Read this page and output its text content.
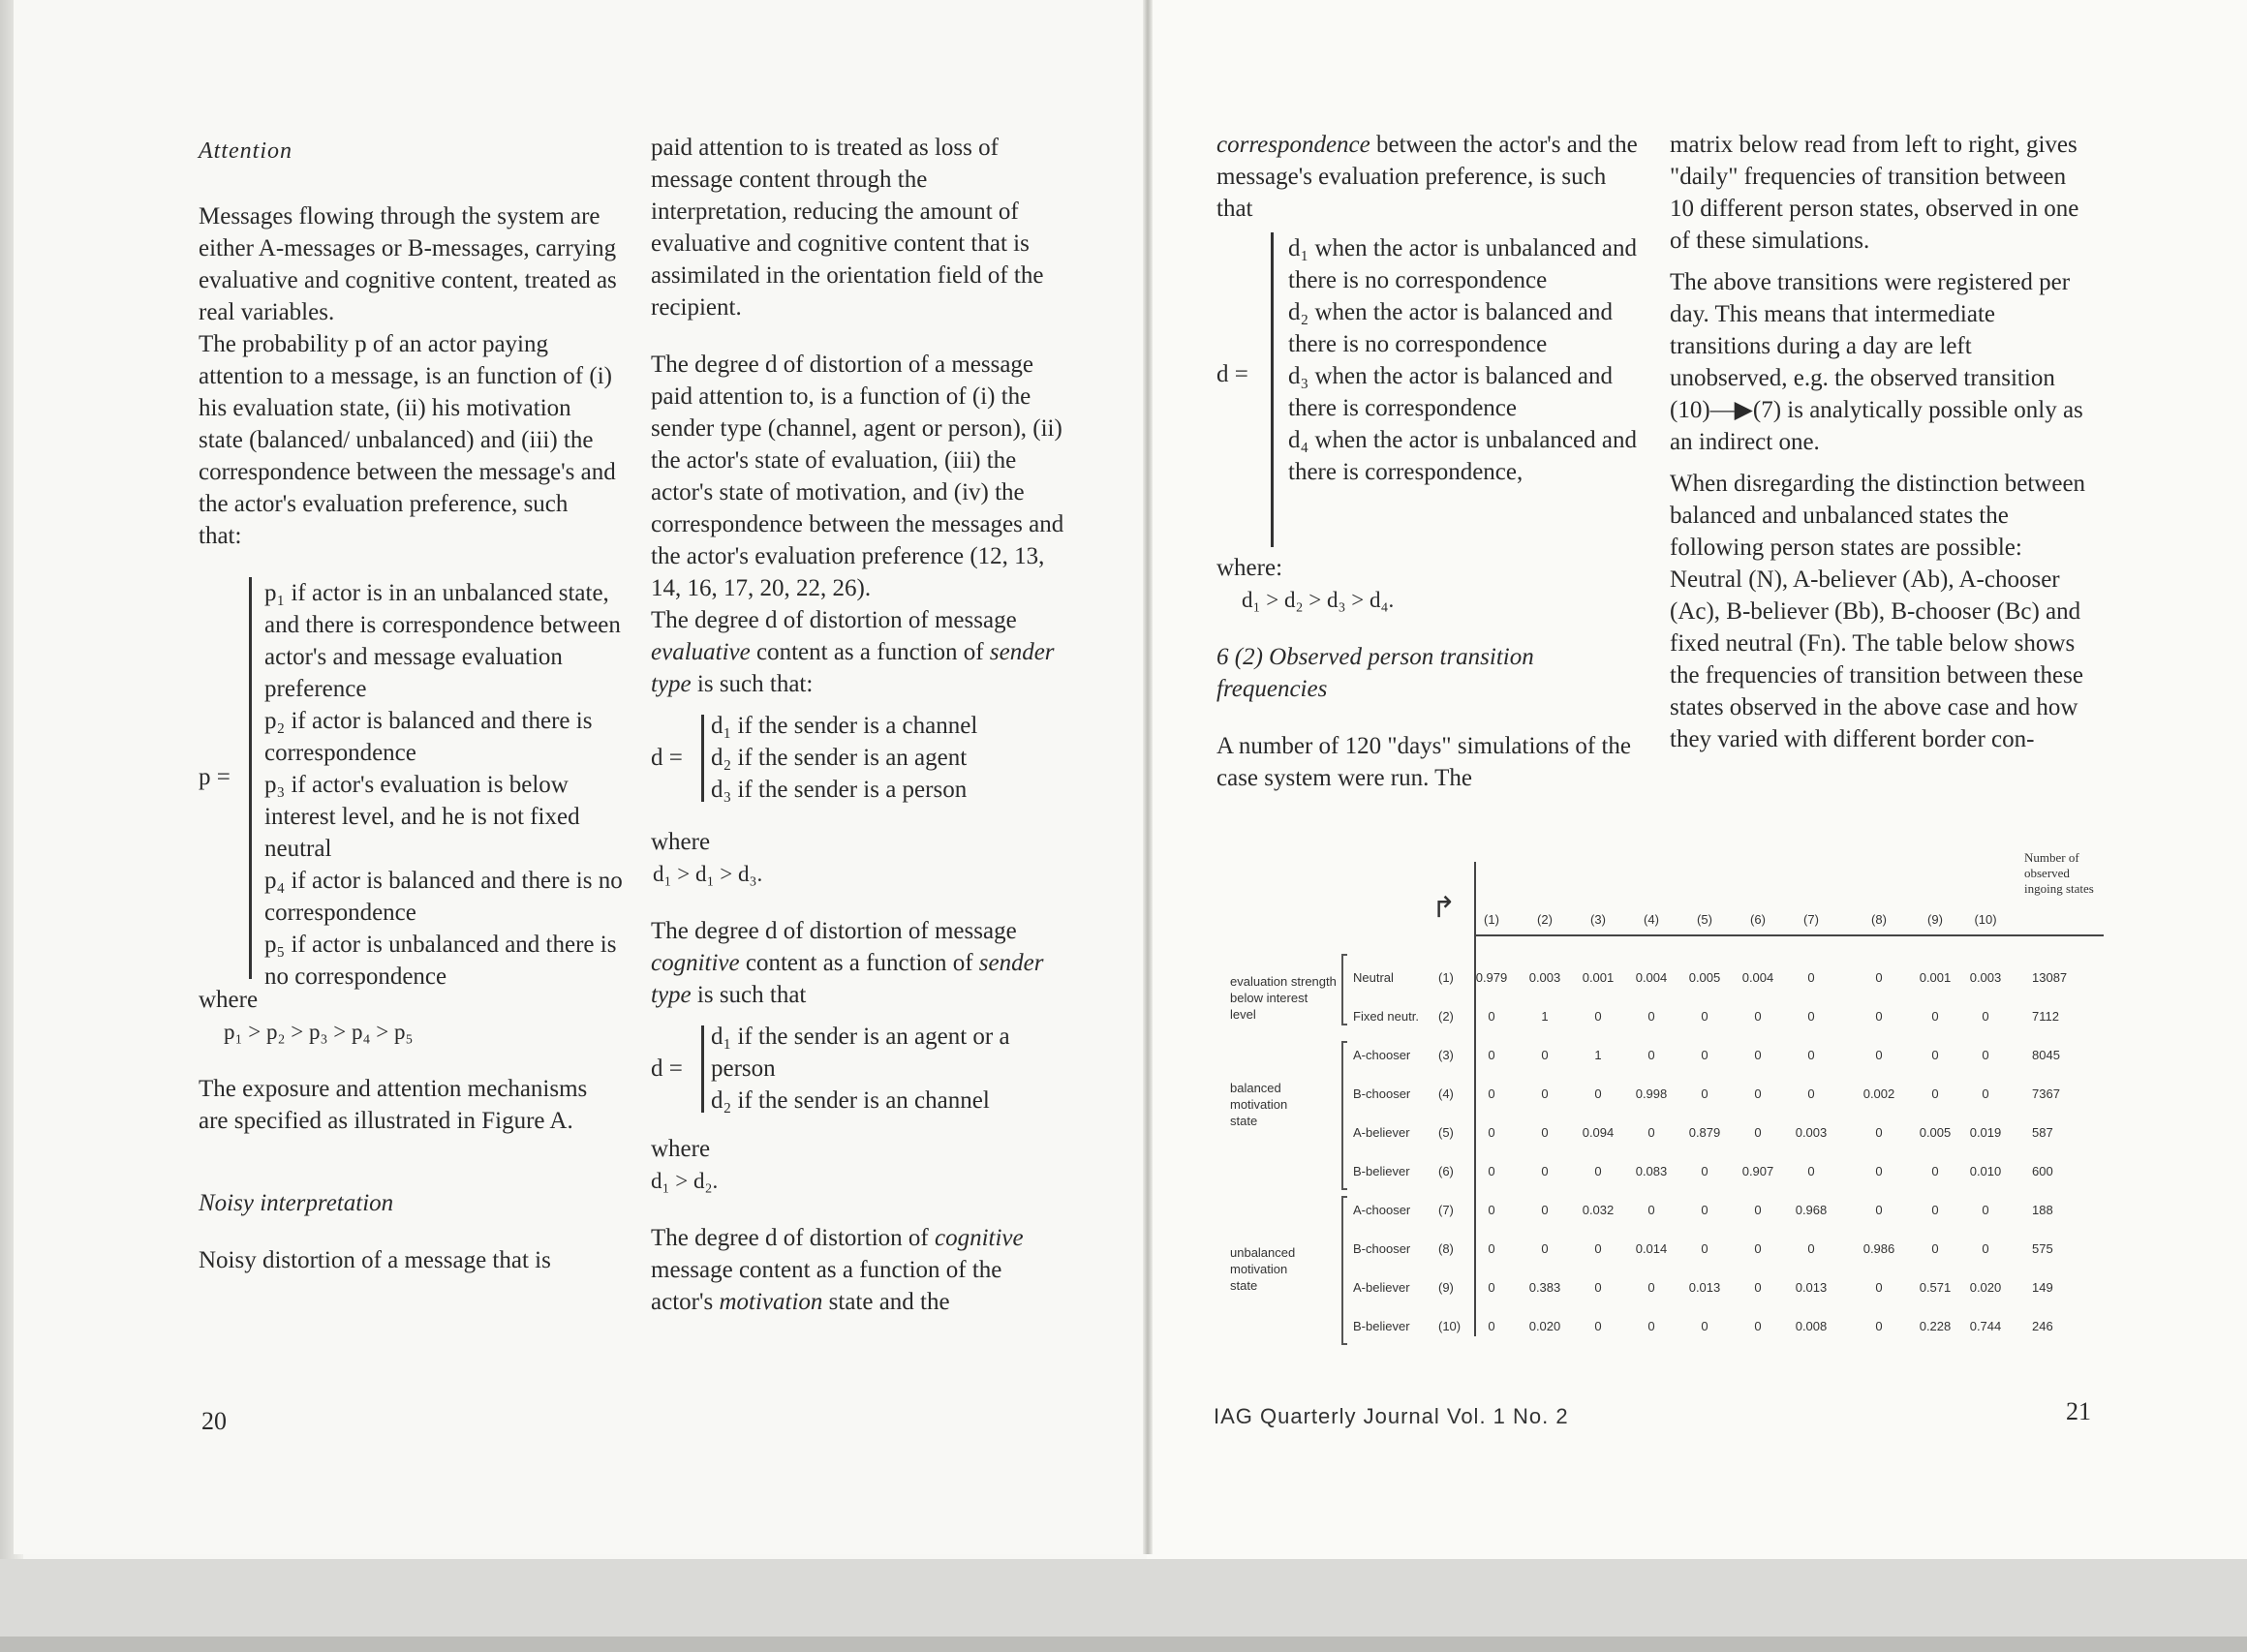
Attention

Messages flowing through the system are either A-messages or B-messages, carrying evaluative and cognitive content, treated as real variables.

The probability p of an actor paying attention to a message, is an function of (i) his evaluation state, (ii) his motivation state (balanced/ unbalanced) and (iii) the correspondence between the message's and the actor's evaluation preference, such that:

p =

p₁ if actor is in an unbalanced state, and there is correspondence between actor's and message evaluation preference

p₂ if actor is balanced and there is correspondence

p₃ if actor's evaluation is below interest level, and he is not fixed neutral

p₄ if actor is balanced and there is no correspondence

p₅ if actor is unbalanced and there is no correspondence

where

p₁ > p₂ > p₃ > p₄ > p₅

The exposure and attention mechanisms are specified as illustrated in Figure A.

Noisy interpretation

Noisy distortion of a message that is

paid attention to is treated as loss of message content through the interpretation, reducing the amount of evaluative and cognitive content that is assimilated in the orientation field of the recipient.

The degree d of distortion of a message paid attention to, is a function of (i) the sender type (channel, agent or person), (ii) the actor's state of evaluation, (iii) the actor's state of motivation, and (iv) the correspondence between the messages and the actor's evaluation preference (12, 13, 14, 16, 17, 20, 22, 26).

The degree d of distortion of message evaluative content as a function of sender type is such that:

d =

d₁ if the sender is a channel

d₂ if the sender is an agent

d₃ if the sender is a person

where

d₁ > d₁ > d₃.

The degree d of distortion of message cognitive content as a function of sender type is such that

d =

d₁ if the sender is an agent or a person

d₂ if the sender is an channel

where

d₁ > d₂.

The degree d of distortion of cognitive message content as a function of the actor's motivation state and the

20

correspondence between the actor's and the message's evaluation preference, is such that

d =

d₁ when the actor is unbalanced and there is no correspondence

d₂ when the actor is balanced and there is no correspondence

d₃ when the actor is balanced and there is correspondence

d₄ when the actor is unbalanced and there is correspondence,

where:

d₁ > d₂ > d₃ > d₄.

6 (2) Observed person transition frequencies

A number of 120 "days" simulations of the case system were run. The

matrix below read from left to right, gives "daily" frequencies of transition between 10 different person states, observed in one of these simulations.

The above transitions were registered per day. This means that intermediate transitions during a day are left unobserved, e.g. the observed transition (10)—▶(7) is analytically possible only as an indirect one.

When disregarding the distinction between balanced and unbalanced states the following person states are possible: Neutral (N), A-believer (Ab), A-chooser (Ac), B-believer (Bb), B-chooser (Bc) and fixed neutral (Fn). The table below shows the frequencies of transition between these states observed in the above case and how they varied with different border con-

↱
Number of observed ingoing states
evaluation strength below interest level
balanced motivation state
unbalanced motivation state
(1)	(2)	(3)	(4)	(5)	(6)	(7)	(8)	(9)	(10)
Neutral	(1)	0.979	0.003	0.001	0.004	0.005	0.004	0	0	0.001	0.003	13087
Fixed neutr. (2)	0	1	0	0	0	0	0	0	0	0	7112
A-chooser (3)	0	0	1	0	0	0	0	0	0	0	8045
B-chooser (4)	0	0	0	0.998	0	0	0	0.002	0	0	7367
A-believer (5)	0	0	0.094	0	0.879	0	0.003	0	0.005	0.019	587
B-believer (6)	0	0	0	0.083	0	0.907	0	0	0	0.010	600
A-chooser (7)	0	0	0.032	0	0	0	0.968	0	0	0	188
B-chooser (8)	0	0	0	0.014	0	0	0	0.986	0	0	575
A-believer (9)	0	0.383	0	0	0.013	0	0.013	0	0.571	0.020	149
B-believer (10)	0	0.020	0	0	0	0	0.008	0	0.228	0.744	246
IAG Quarterly Journal Vol. 1 No. 2	21
